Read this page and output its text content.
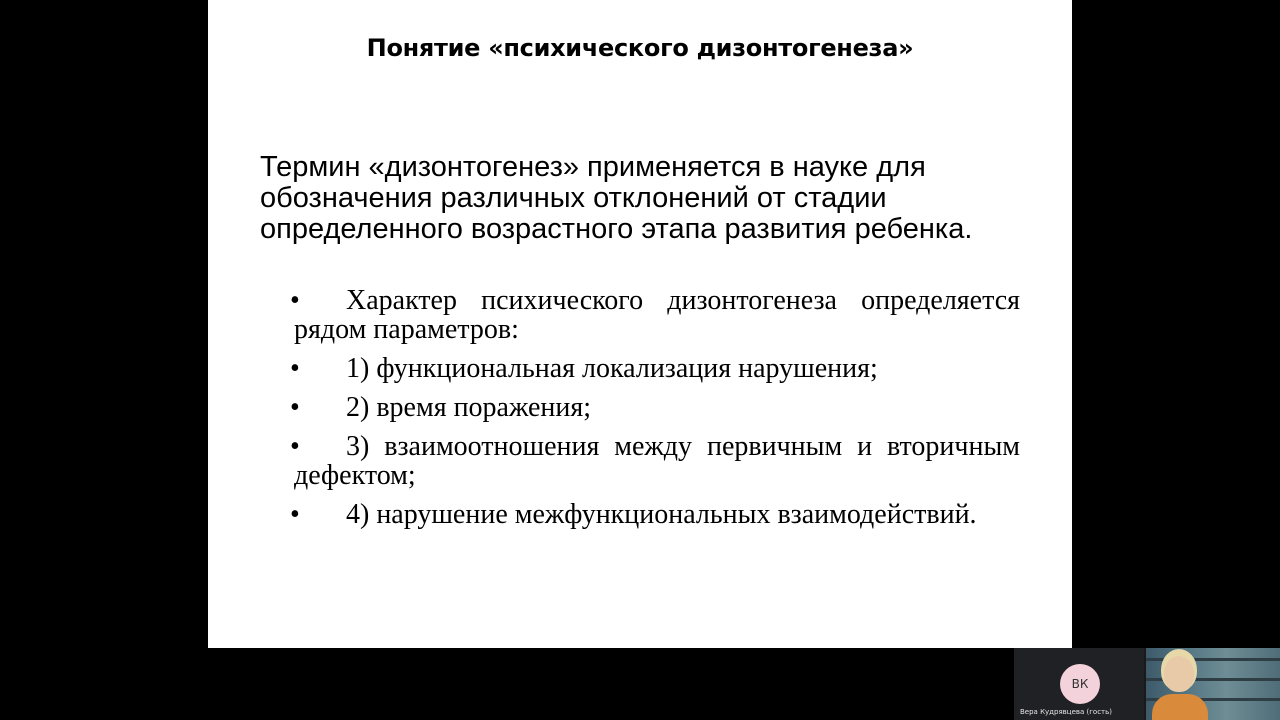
Понятие «психического дизонтогенеза»
Термин «дизонтогенез» применяется в науке для обозначения различных отклонений от стадии определенного возрастного этапа развития ребенка.
•	Характер психического дизонтогенеза определяется рядом параметров:
•	1) функциональная локализация нарушения;
•	2) время поражения;
•	3) взаимоотношения между первичным и вторичным дефектом;
•	4) нарушение межфункциональных взаимодействий.
ВК
Вера Кудрявцева (гость)
